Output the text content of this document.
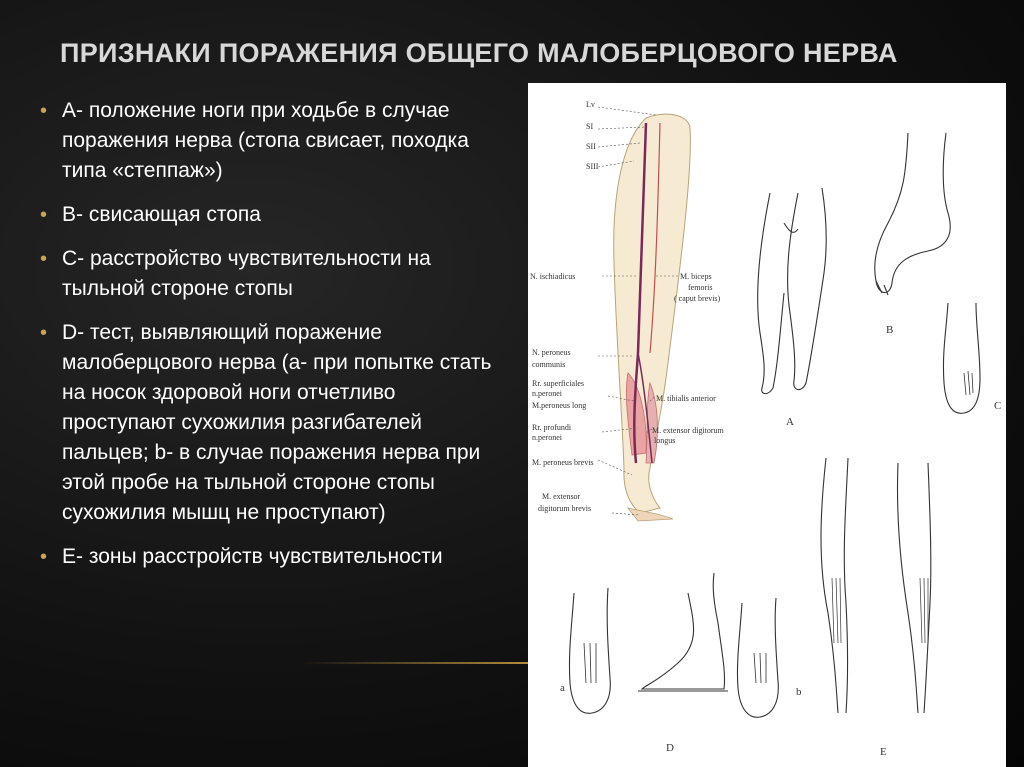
ПРИЗНАКИ ПОРАЖЕНИЯ ОБЩЕГО МАЛОБЕРЦОВОГО НЕРВА
• A- положение ноги при ходьбе в случае поражения нерва (стопа свисает, походка типа «степпаж»)
• B- свисающая стопа
• C- расстройство чувствительности на тыльной стороне стопы
• D- тест, выявляющий поражение малоберцового нерва (a- при попытке стать на носок здоровой ноги отчетливо проступают сухожилия разгибателей пальцев; b- в случае поражения нерва при этой пробе на тыльной стороне стопы сухожилия мышц не проступают)
• E- зоны расстройств чувствительности
Lv
SI
SII
SIII
N. ischiadicus
N. peroneus
communis
Rr. superficiales
n.peronei
M.peroneus long
Rr. profundi
n.peronei
M. peroneus brevis
M. extensor
digitorum brevis
M. biceps
femoris
( caput brevis)
M. tibialis anterior
M. extensor digitorum
longus
A
B
C
E
a	b
D
